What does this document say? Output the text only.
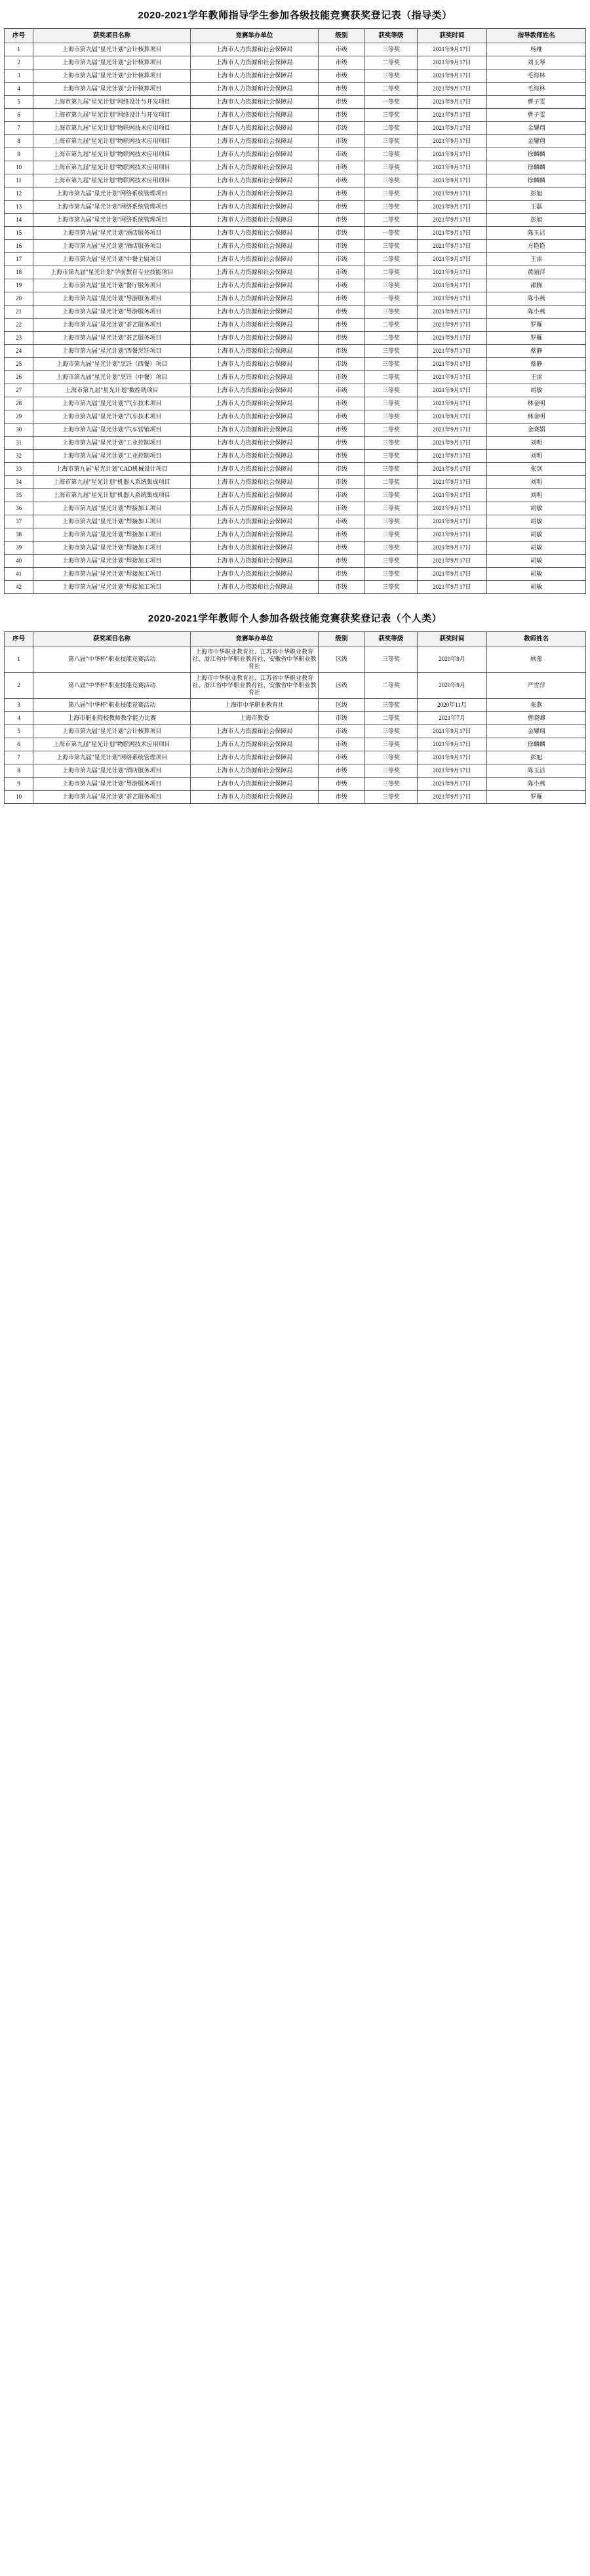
2020-2021学年教师指导学生参加各级技能竞赛获奖登记表（指导类）
序号	获奖项目名称	竞赛举办单位	级别	获奖等级	获奖时间	指导教师姓名
1	上海市第九届"星光计划"会计核算项目	上海市人力资源和社会保障局	市级	三等奖	2021年9月17日	杨维
2	上海市第九届"星光计划"会计核算项目	上海市人力资源和社会保障局	市级	二等奖	2021年9月17日	刘玉琴
3	上海市第九届"星光计划"会计核算项目	上海市人力资源和社会保障局	市级	三等奖	2021年9月17日	毛海林
4	上海市第九届"星光计划"会计核算项目	上海市人力资源和社会保障局	市级	二等奖	2021年9月17日	毛海林
5	上海市第九届"星光计划"网络设计与开发项目	上海市人力资源和社会保障局	市级	一等奖	2021年9月17日	曹子雯
6	上海市第九届"星光计划"网络设计与开发项目	上海市人力资源和社会保障局	市级	三等奖	2021年9月17日	曹子雯
7	上海市第九届"星光计划"物联网技术应用项目	上海市人力资源和社会保障局	市级	二等奖	2021年9月17日	金耀翔
8	上海市第九届"星光计划"物联网技术应用项目	上海市人力资源和社会保障局	市级	三等奖	2021年9月17日	金耀翔
9	上海市第九届"星光计划"物联网技术应用项目	上海市人力资源和社会保障局	市级	二等奖	2021年9月17日	徐麟麟
10	上海市第九届"星光计划"物联网技术应用项目	上海市人力资源和社会保障局	市级	三等奖	2021年9月17日	徐麟麟
11	上海市第九届"星光计划"物联网技术应用项目	上海市人力资源和社会保障局	市级	三等奖	2021年9月17日	徐麟麟
12	上海市第九届"星光计划"网络系统管理项目	上海市人力资源和社会保障局	市级	三等奖	2021年9月17日	彭旭
13	上海市第九届"星光计划"网络系统管理项目	上海市人力资源和社会保障局	市级	三等奖	2021年9月17日	王磊
14	上海市第九届"星光计划"网络系统管理项目	上海市人力资源和社会保障局	市级	二等奖	2021年9月17日	彭旭
15	上海市第九届"星光计划"酒店服务项目	上海市人力资源和社会保障局	市级	一等奖	2021年9月17日	陈玉洁
16	上海市第九届"星光计划"酒店服务项目	上海市人力资源和社会保障局	市级	三等奖	2021年9月17日	方艳艳
17	上海市第九届"星光计划"中餐主厨项目	上海市人力资源和社会保障局	市级	二等奖	2021年9月17日	王雷
18	上海市第九届"星光计划"学前教育专业技能项目	上海市人力资源和社会保障局	市级	二等奖	2021年9月17日	黄丽萍
19	上海市第九届"星光计划"餐厅服务项目	上海市人力资源和社会保障局	市级	三等奖	2021年9月17日	邵腾
20	上海市第九届"星光计划"导游服务项目	上海市人力资源和社会保障局	市级	一等奖	2021年9月17日	陈小燕
21	上海市第九届"星光计划"导游服务项目	上海市人力资源和社会保障局	市级	三等奖	2021年9月17日	陈小燕
22	上海市第九届"星光计划"茶艺服务项目	上海市人力资源和社会保障局	市级	二等奖	2021年9月17日	罗雁
23	上海市第九届"星光计划"茶艺服务项目	上海市人力资源和社会保障局	市级	二等奖	2021年9月17日	罗雁
24	上海市第九届"星光计划"西餐烹饪项目	上海市人力资源和社会保障局	市级	三等奖	2021年9月17日	蔡静
25	上海市第九届"星光计划"烹饪（西餐）项目	上海市人力资源和社会保障局	市级	三等奖	2021年9月17日	蔡静
26	上海市第九届"星光计划"烹饪（中餐）项目	上海市人力资源和社会保障局	市级	二等奖	2021年9月17日	王雷
27	上海市第九届"星光计划"数控铣项目	上海市人力资源和社会保障局	市级	三等奖	2021年9月17日	胡敏
28	上海市第九届"星光计划"汽车技术项目	上海市人力资源和社会保障局	市级	三等奖	2021年9月17日	林金明
29	上海市第九届"星光计划"汽车技术项目	上海市人力资源和社会保障局	市级	三等奖	2021年9月17日	林金明
30	上海市第九届"星光计划"汽车营销项目	上海市人力资源和社会保障局	市级	二等奖	2021年9月17日	金晓娟
31	上海市第九届"星光计划"工业控制项目	上海市人力资源和社会保障局	市级	三等奖	2021年9月17日	刘明
32	上海市第九届"星光计划"工业控制项目	上海市人力资源和社会保障局	市级	三等奖	2021年9月17日	刘明
33	上海市第九届"星光计划"CAD机械设计项目	上海市人力资源和社会保障局	市级	三等奖	2021年9月17日	张剑
34	上海市第九届"星光计划"机器人系统集成项目	上海市人力资源和社会保障局	市级	二等奖	2021年9月17日	刘明
35	上海市第九届"星光计划"机器人系统集成项目	上海市人力资源和社会保障局	市级	三等奖	2021年9月17日	刘明
36	上海市第九届"星光计划"焊接加工项目	上海市人力资源和社会保障局	市级	三等奖	2021年9月17日	胡敏
37	上海市第九届"星光计划"焊接加工项目	上海市人力资源和社会保障局	市级	三等奖	2021年9月17日	胡敏
38	上海市第九届"星光计划"焊接加工项目	上海市人力资源和社会保障局	市级	三等奖	2021年9月17日	胡敏
39	上海市第九届"星光计划"焊接加工项目	上海市人力资源和社会保障局	市级	三等奖	2021年9月17日	胡敏
40	上海市第九届"星光计划"焊接加工项目	上海市人力资源和社会保障局	市级	三等奖	2021年9月17日	胡敏
41	上海市第九届"星光计划"焊接加工项目	上海市人力资源和社会保障局	市级	三等奖	2021年9月17日	胡敏
42	上海市第九届"星光计划"焊接加工项目	上海市人力资源和社会保障局	市级	三等奖	2021年9月17日	胡敏
2020-2021学年教师个人参加各级技能竞赛获奖登记表（个人类）
序号	获奖项目名称	竞赛举办单位	级别	获奖等级	获奖时间	教师姓名
1	第八届"中华杯"职业技能竞赛活动	上海市中华职业教育社、江苏省中华职业教育社、浙江省中华职业教育社、安徽省中华职业教育社	区级	三等奖	2020年9月	顾蕾
2	第八届"中华杯"职业技能竞赛活动	上海市中华职业教育社、江苏省中华职业教育社、浙江省中华职业教育社、安徽省中华职业教育社	区级	二等奖	2020年9月	严雪萍
3	第八届"中华杯"职业技能竞赛活动	上海市中华职业教育社	区级	三等奖	2020年11月	张燕
4	上海市职业院校教师教学能力比赛	上海市教委	市级	二等奖	2021年7月	曹晓卿
5	上海市第九届"星光计划"会计核算项目	上海市人力资源和社会保障局	市级	三等奖	2021年9月17日	金耀翔
6	上海市第九届"星光计划"物联网技术应用项目	上海市人力资源和社会保障局	市级	三等奖	2021年9月17日	徐麟麟
7	上海市第九届"星光计划"网络系统管理项目	上海市人力资源和社会保障局	市级	三等奖	2021年9月17日	彭旭
8	上海市第九届"星光计划"酒店服务项目	上海市人力资源和社会保障局	市级	三等奖	2021年9月17日	陈玉洁
9	上海市第九届"星光计划"导游服务项目	上海市人力资源和社会保障局	市级	三等奖	2021年9月17日	陈小燕
10	上海市第九届"星光计划"茶艺服务项目	上海市人力资源和社会保障局	市级	三等奖	2021年9月17日	罗雁
